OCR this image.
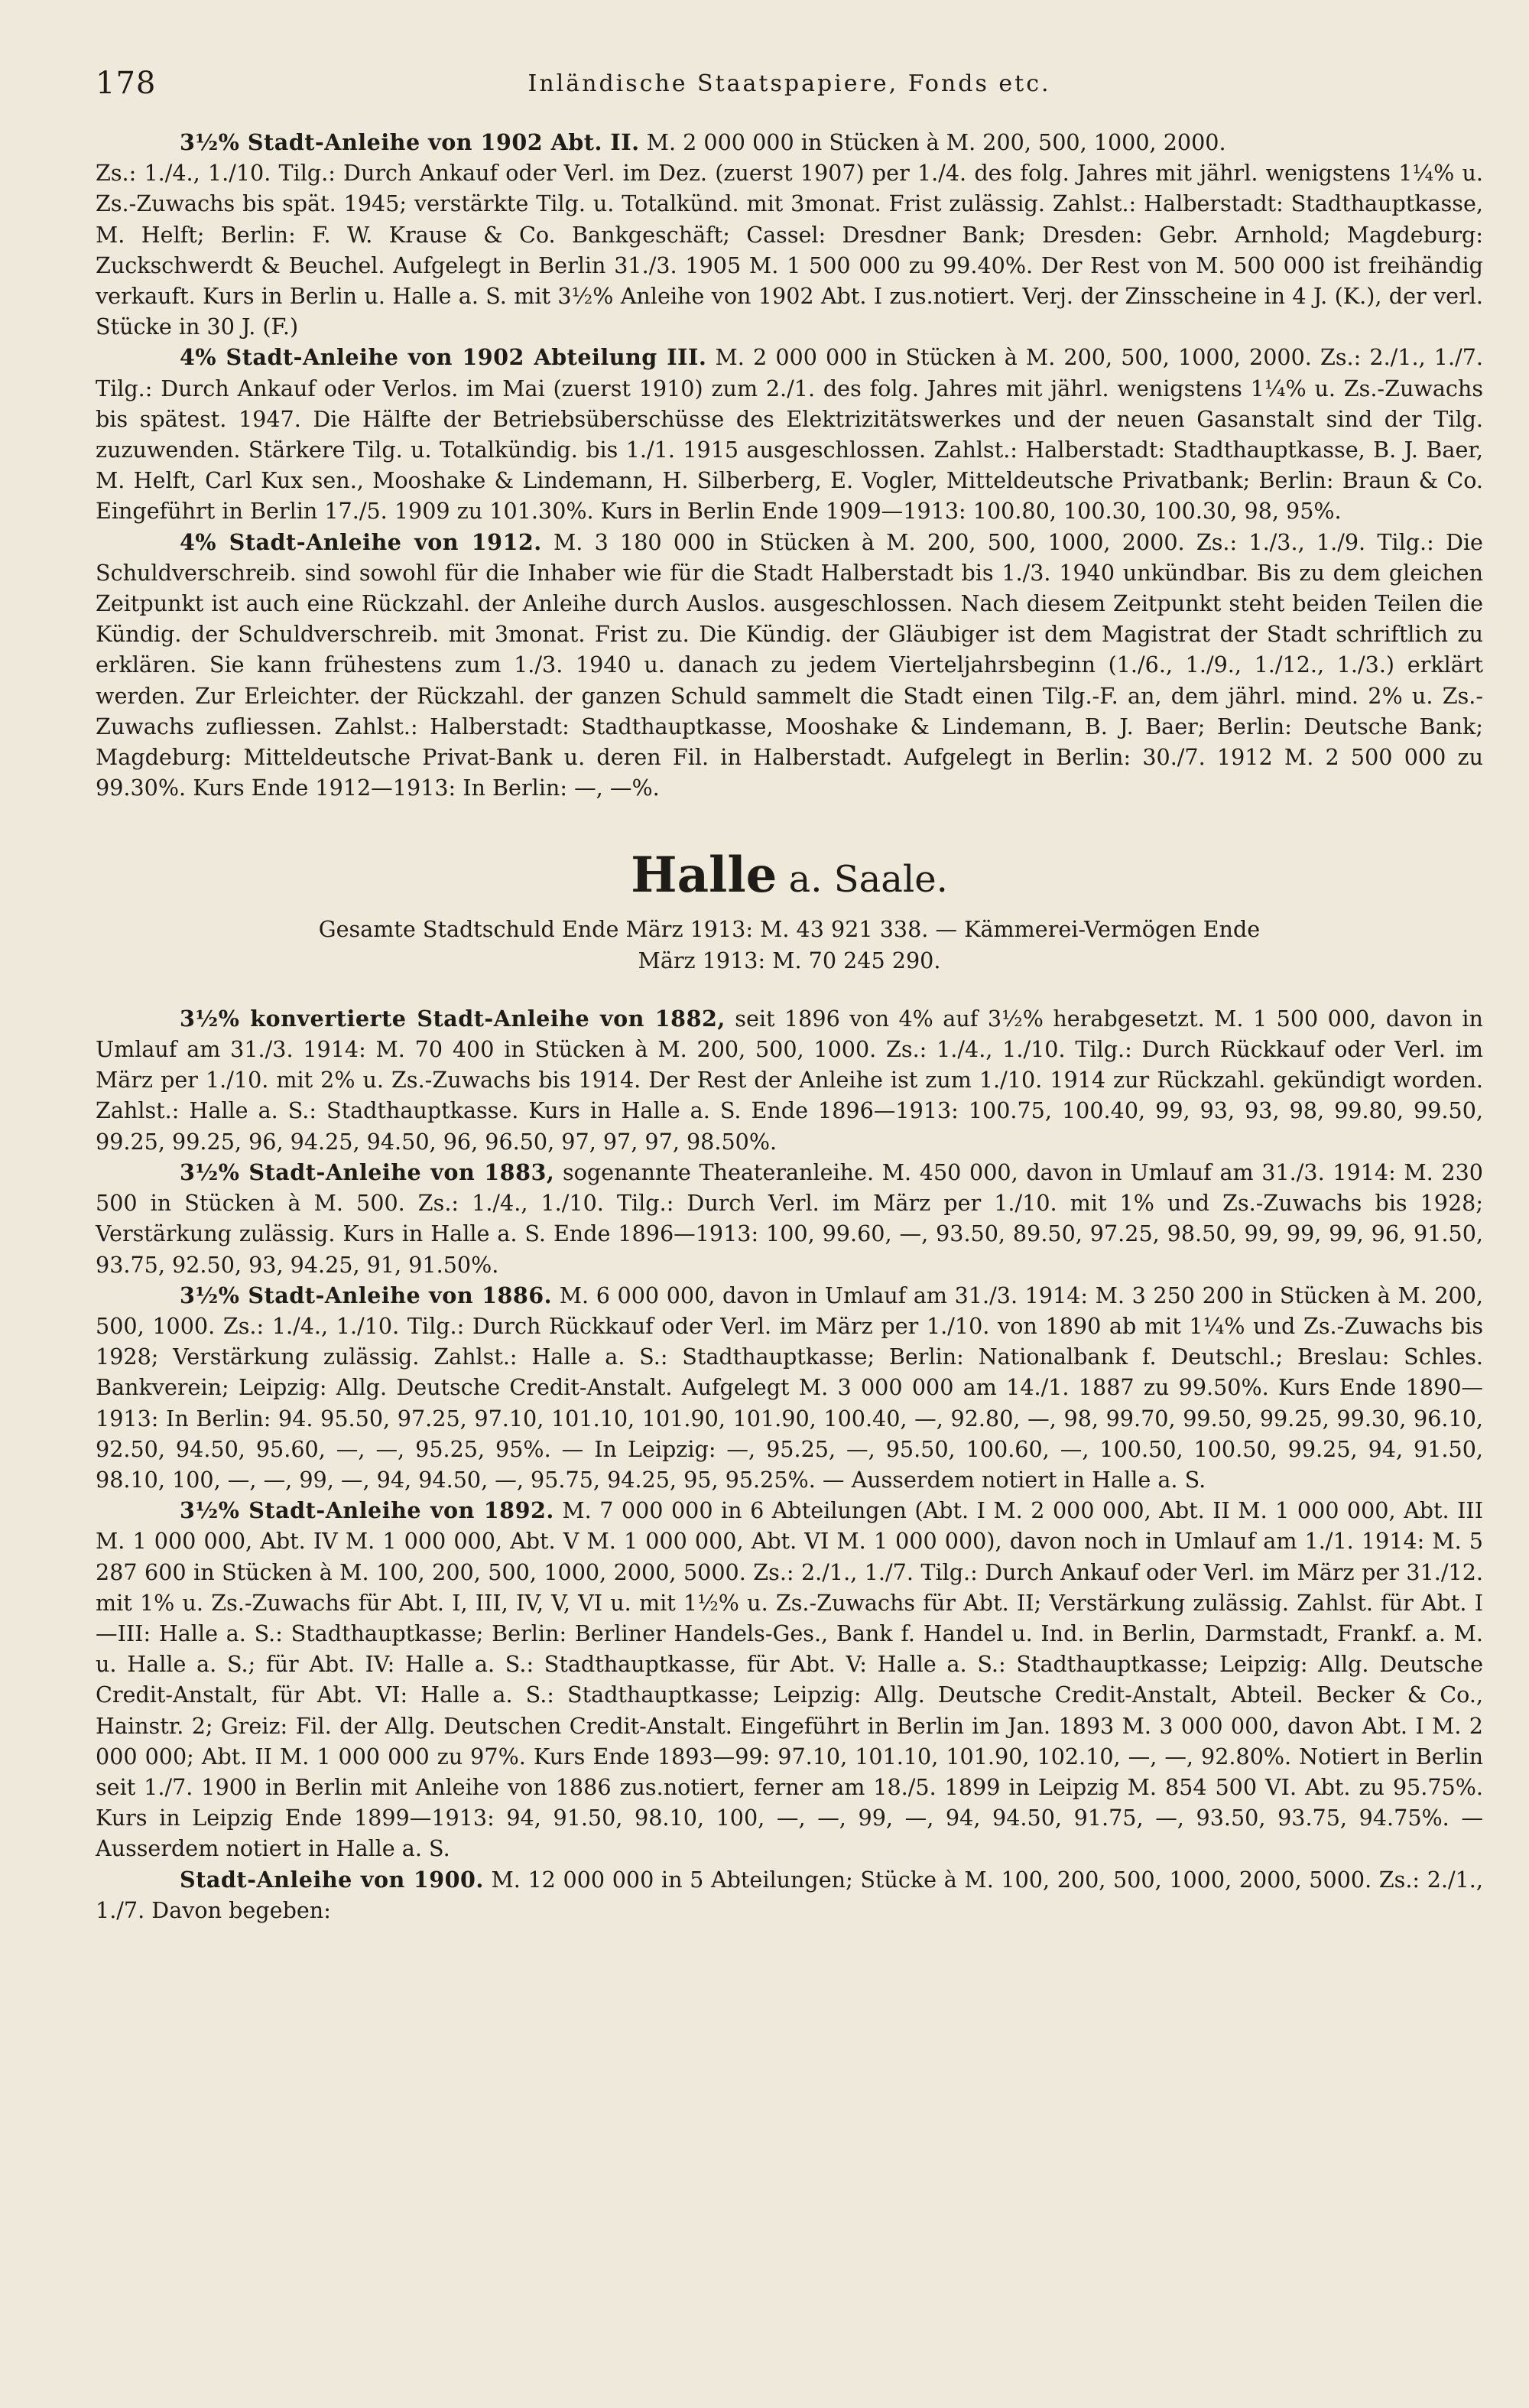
178	Inländische Staatspapiere, Fonds etc.

3½% Stadt-Anleihe von 1902 Abt. II. M. 2 000 000 in Stücken à M. 200, 500, 1000, 2000.

Zs.: 1./4., 1./10. Tilg.: Durch Ankauf oder Verl. im Dez. (zuerst 1907) per 1./4. des folg. Jahres mit jährl. wenigstens 1¼% u. Zs.-Zuwachs bis spät. 1945; verstärkte Tilg. u. Totalkünd. mit 3monat. Frist zulässig. Zahlst.: Halberstadt: Stadthauptkasse, M. Helft; Berlin: F. W. Krause & Co. Bankgeschäft; Cassel: Dresdner Bank; Dresden: Gebr. Arnhold; Magdeburg: Zuckschwerdt & Beuchel. Aufgelegt in Berlin 31./3. 1905 M. 1 500 000 zu 99.40%. Der Rest von M. 500 000 ist freihändig verkauft. Kurs in Berlin u. Halle a. S. mit 3½% Anleihe von 1902 Abt. I zus.notiert. Verj. der Zinsscheine in 4 J. (K.), der verl. Stücke in 30 J. (F.)

4% Stadt-Anleihe von 1902 Abteilung III. M. 2 000 000 in Stücken à M. 200, 500, 1000, 2000. Zs.: 2./1., 1./7. Tilg.: Durch Ankauf oder Verlos. im Mai (zuerst 1910) zum 2./1. des folg. Jahres mit jährl. wenigstens 1¼% u. Zs.-Zuwachs bis spätest. 1947. Die Hälfte der Betriebsüberschüsse des Elektrizitätswerkes und der neuen Gasanstalt sind der Tilg. zuzuwenden. Stärkere Tilg. u. Totalkündig. bis 1./1. 1915 ausgeschlossen. Zahlst.: Halberstadt: Stadthauptkasse, B. J. Baer, M. Helft, Carl Kux sen., Mooshake & Lindemann, H. Silberberg, E. Vogler, Mitteldeutsche Privatbank; Berlin: Braun & Co. Eingeführt in Berlin 17./5. 1909 zu 101.30%. Kurs in Berlin Ende 1909—1913: 100.80, 100.30, 100.30, 98, 95%.

4% Stadt-Anleihe von 1912. M. 3 180 000 in Stücken à M. 200, 500, 1000, 2000. Zs.: 1./3., 1./9. Tilg.: Die Schuldverschreib. sind sowohl für die Inhaber wie für die Stadt Halberstadt bis 1./3. 1940 unkündbar. Bis zu dem gleichen Zeitpunkt ist auch eine Rückzahl. der Anleihe durch Auslos. ausgeschlossen. Nach diesem Zeitpunkt steht beiden Teilen die Kündig. der Schuldverschreib. mit 3monat. Frist zu. Die Kündig. der Gläubiger ist dem Magistrat der Stadt schriftlich zu erklären. Sie kann frühestens zum 1./3. 1940 u. danach zu jedem Vierteljahrsbeginn (1./6., 1./9., 1./12., 1./3.) erklärt werden. Zur Erleichter. der Rückzahl. der ganzen Schuld sammelt die Stadt einen Tilg.-F. an, dem jährl. mind. 2% u. Zs.-Zuwachs zufliessen. Zahlst.: Halberstadt: Stadthauptkasse, Mooshake & Lindemann, B. J. Baer; Berlin: Deutsche Bank; Magdeburg: Mitteldeutsche Privat-Bank u. deren Fil. in Halberstadt. Aufgelegt in Berlin: 30./7. 1912 M. 2 500 000 zu 99.30%. Kurs Ende 1912—1913: In Berlin: —, —%.

Halle a. Saale.

Gesamte Stadtschuld Ende März 1913: M. 43 921 338. — Kämmerei-Vermögen Ende

März 1913: M. 70 245 290.

3½% konvertierte Stadt-Anleihe von 1882, seit 1896 von 4% auf 3½% herabgesetzt. M. 1 500 000, davon in Umlauf am 31./3. 1914: M. 70 400 in Stücken à M. 200, 500, 1000. Zs.: 1./4., 1./10. Tilg.: Durch Rückkauf oder Verl. im März per 1./10. mit 2% u. Zs.-Zuwachs bis 1914. Der Rest der Anleihe ist zum 1./10. 1914 zur Rückzahl. gekündigt worden. Zahlst.: Halle a. S.: Stadthauptkasse. Kurs in Halle a. S. Ende 1896—1913: 100.75, 100.40, 99, 93, 93, 98, 99.80, 99.50, 99.25, 99.25, 96, 94.25, 94.50, 96, 96.50, 97, 97, 97, 98.50%.

3½% Stadt-Anleihe von 1883, sogenannte Theateranleihe. M. 450 000, davon in Umlauf am 31./3. 1914: M. 230 500 in Stücken à M. 500. Zs.: 1./4., 1./10. Tilg.: Durch Verl. im März per 1./10. mit 1% und Zs.-Zuwachs bis 1928; Verstärkung zulässig. Kurs in Halle a. S. Ende 1896—1913: 100, 99.60, —, 93.50, 89.50, 97.25, 98.50, 99, 99, 99, 96, 91.50, 93.75, 92.50, 93, 94.25, 91, 91.50%.

3½% Stadt-Anleihe von 1886. M. 6 000 000, davon in Umlauf am 31./3. 1914: M. 3 250 200 in Stücken à M. 200, 500, 1000. Zs.: 1./4., 1./10. Tilg.: Durch Rückkauf oder Verl. im März per 1./10. von 1890 ab mit 1¼% und Zs.-Zuwachs bis 1928; Verstärkung zulässig. Zahlst.: Halle a. S.: Stadthauptkasse; Berlin: Nationalbank f. Deutschl.; Breslau: Schles. Bankverein; Leipzig: Allg. Deutsche Credit-Anstalt. Aufgelegt M. 3 000 000 am 14./1. 1887 zu 99.50%. Kurs Ende 1890—1913: In Berlin: 94. 95.50, 97.25, 97.10, 101.10, 101.90, 101.90, 100.40, —, 92.80, —, 98, 99.70, 99.50, 99.25, 99.30, 96.10, 92.50, 94.50, 95.60, —, —, 95.25, 95%. — In Leipzig: —, 95.25, —, 95.50, 100.60, —, 100.50, 100.50, 99.25, 94, 91.50, 98.10, 100, —, —, 99, —, 94, 94.50, —, 95.75, 94.25, 95, 95.25%. — Ausserdem notiert in Halle a. S.

3½% Stadt-Anleihe von 1892. M. 7 000 000 in 6 Abteilungen (Abt. I M. 2 000 000, Abt. II M. 1 000 000, Abt. III M. 1 000 000, Abt. IV M. 1 000 000, Abt. V M. 1 000 000, Abt. VI M. 1 000 000), davon noch in Umlauf am 1./1. 1914: M. 5 287 600 in Stücken à M. 100, 200, 500, 1000, 2000, 5000. Zs.: 2./1., 1./7. Tilg.: Durch Ankauf oder Verl. im März per 31./12. mit 1% u. Zs.-Zuwachs für Abt. I, III, IV, V, VI u. mit 1½% u. Zs.-Zuwachs für Abt. II; Verstärkung zulässig. Zahlst. für Abt. I—III: Halle a. S.: Stadthauptkasse; Berlin: Berliner Handels-Ges., Bank f. Handel u. Ind. in Berlin, Darmstadt, Frankf. a. M. u. Halle a. S.; für Abt. IV: Halle a. S.: Stadthauptkasse, für Abt. V: Halle a. S.: Stadthauptkasse; Leipzig: Allg. Deutsche Credit-Anstalt, für Abt. VI: Halle a. S.: Stadthauptkasse; Leipzig: Allg. Deutsche Credit-Anstalt, Abteil. Becker & Co., Hainstr. 2; Greiz: Fil. der Allg. Deutschen Credit-Anstalt. Eingeführt in Berlin im Jan. 1893 M. 3 000 000, davon Abt. I M. 2 000 000; Abt. II M. 1 000 000 zu 97%. Kurs Ende 1893—99: 97.10, 101.10, 101.90, 102.10, —, —, 92.80%. Notiert in Berlin seit 1./7. 1900 in Berlin mit Anleihe von 1886 zus.notiert, ferner am 18./5. 1899 in Leipzig M. 854 500 VI. Abt. zu 95.75%. Kurs in Leipzig Ende 1899—1913: 94, 91.50, 98.10, 100, —, —, 99, —, 94, 94.50, 91.75, —, 93.50, 93.75, 94.75%. — Ausserdem notiert in Halle a. S.

Stadt-Anleihe von 1900. M. 12 000 000 in 5 Abteilungen; Stücke à M. 100, 200, 500, 1000, 2000, 5000. Zs.: 2./1., 1./7. Davon begeben:
